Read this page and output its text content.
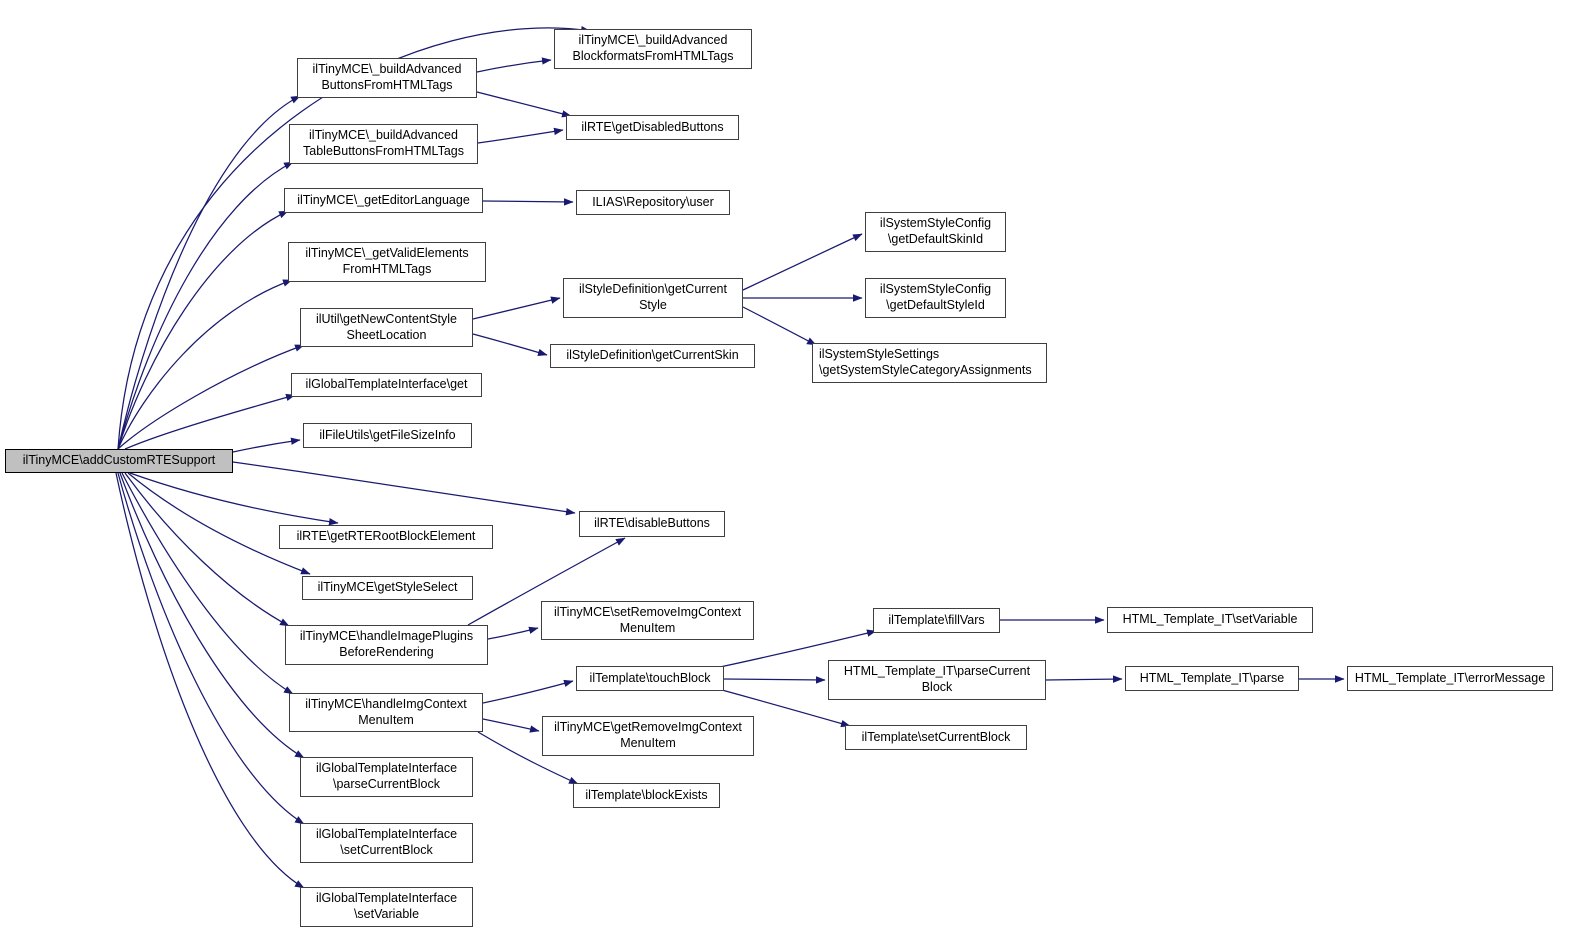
ilTinyMCE\addCustomRTESupport
ilTinyMCE\_buildAdvanced
ButtonsFromHTMLTags
ilTinyMCE\_buildAdvanced
BlockformatsFromHTMLTags
ilTinyMCE\_buildAdvanced
TableButtonsFromHTMLTags
ilRTE\getDisabledButtons
ilTinyMCE\_getEditorLanguage	ILIAS\Repository\user
ilTinyMCE\_getValidElements
FromHTMLTags
ilUtil\getNewContentStyle
SheetLocation
ilStyleDefinition\getCurrent
Style
ilStyleDefinition\getCurrentSkin
ilSystemStyleConfig
\getDefaultSkinId
ilSystemStyleConfig
\getDefaultStyleId
ilSystemStyleSettings
\getSystemStyleCategoryAssignments
ilGlobalTemplateInterface\get
ilFileUtils\getFileSizeInfo
ilRTE\getRTERootBlockElement
ilTinyMCE\getStyleSelect
ilRTE\disableButtons
ilTinyMCE\handleImagePlugins
BeforeRendering
ilTinyMCE\setRemoveImgContext
MenuItem
ilTemplate\touchBlock
ilTinyMCE\handleImgContext
MenuItem
ilTinyMCE\getRemoveImgContext
MenuItem
ilTemplate\blockExists
ilGlobalTemplateInterface
\parseCurrentBlock
ilGlobalTemplateInterface
\setCurrentBlock
ilGlobalTemplateInterface
\setVariable
ilTemplate\fillVars
HTML_Template_IT\parseCurrent
Block
ilTemplate\setCurrentBlock
HTML_Template_IT\setVariable
HTML_Template_IT\parse	HTML_Template_IT\errorMessage
